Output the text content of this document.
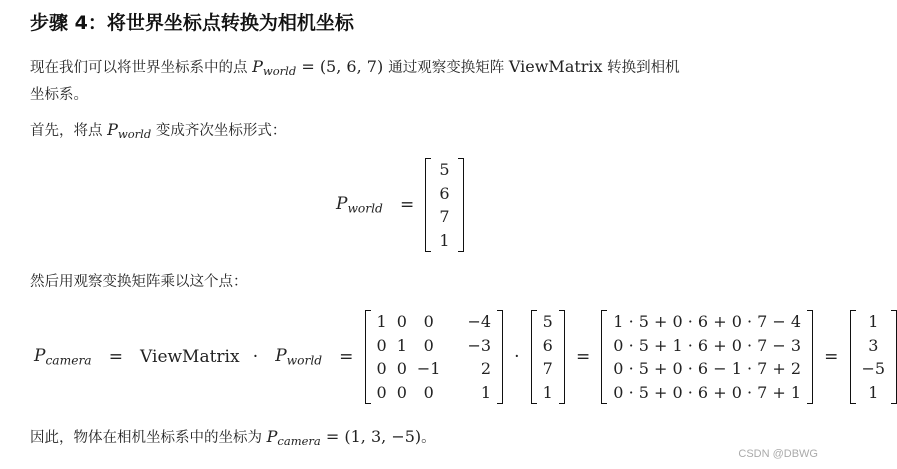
步骤 4：将世界坐标点转换为相机坐标
现在我们可以将世界坐标系中的点 $P_{world} = (5$, 6, 7) 通过观察变换矩阵 ViewMatrix 转换到相机
坐标系。
首先，将点 $P_{world}$ 变成齐次坐标形式：
$P_{world}$ =
5
6
7
1
然后用观察变换矩阵乘以这个点：
$P_{camera}$ = ViewMatrix · $P_{world}$ =
1	0	0	−4
0	1	0	−3
0	0	−1	2
0	0	0	1
·
5
6
7
1
=
1 · 5 + 0 · 6 + 0 · 7 − 4
0 · 5 + 1 · 6 + 0 · 7 − 3
0 · 5 + 0 · 6 − 1 · 7 + 2
0 · 5 + 0 · 6 + 0 · 7 + 1
=
1
3
−5
1
因此，物体在相机坐标系中的坐标为 $P_{camera} = (1$, 3, −5)。
CSDN @DBWG
